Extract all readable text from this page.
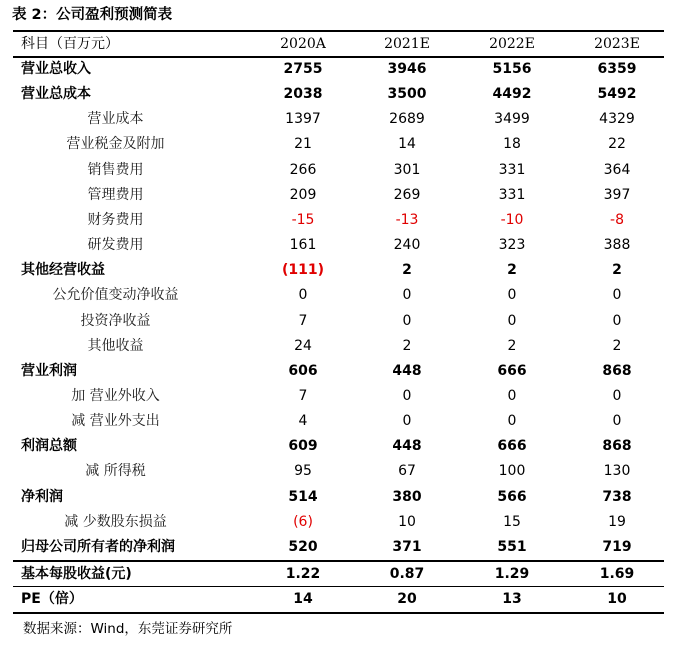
表 2：公司盈利预测简表
科目（百万元）	2020A	2021E	2022E	2023E
营业总收入	2755	3946	5156	6359
营业总成本	2038	3500	4492	5492
营业成本	1397	2689	3499	4329
营业税金及附加	21	14	18	22
销售费用	266	301	331	364
管理费用	209	269	331	397
财务费用	-15	-13	-10	-8
研发费用	161	240	323	388
其他经营收益	(111)	2	2	2
公允价值变动净收益	0	0	0	0
投资净收益	7	0	0	0
其他收益	24	2	2	2
营业利润	606	448	666	868
加 营业外收入	7	0	0	0
减 营业外支出	4	0	0	0
利润总额	609	448	666	868
减 所得税	95	67	100	130
净利润	514	380	566	738
减 少数股东损益	(6)	10	15	19
归母公司所有者的净利润	520	371	551	719
基本每股收益(元)	1.22	0.87	1.29	1.69
PE（倍）	14	20	13	10
数据来源：Wind，东莞证券研究所
